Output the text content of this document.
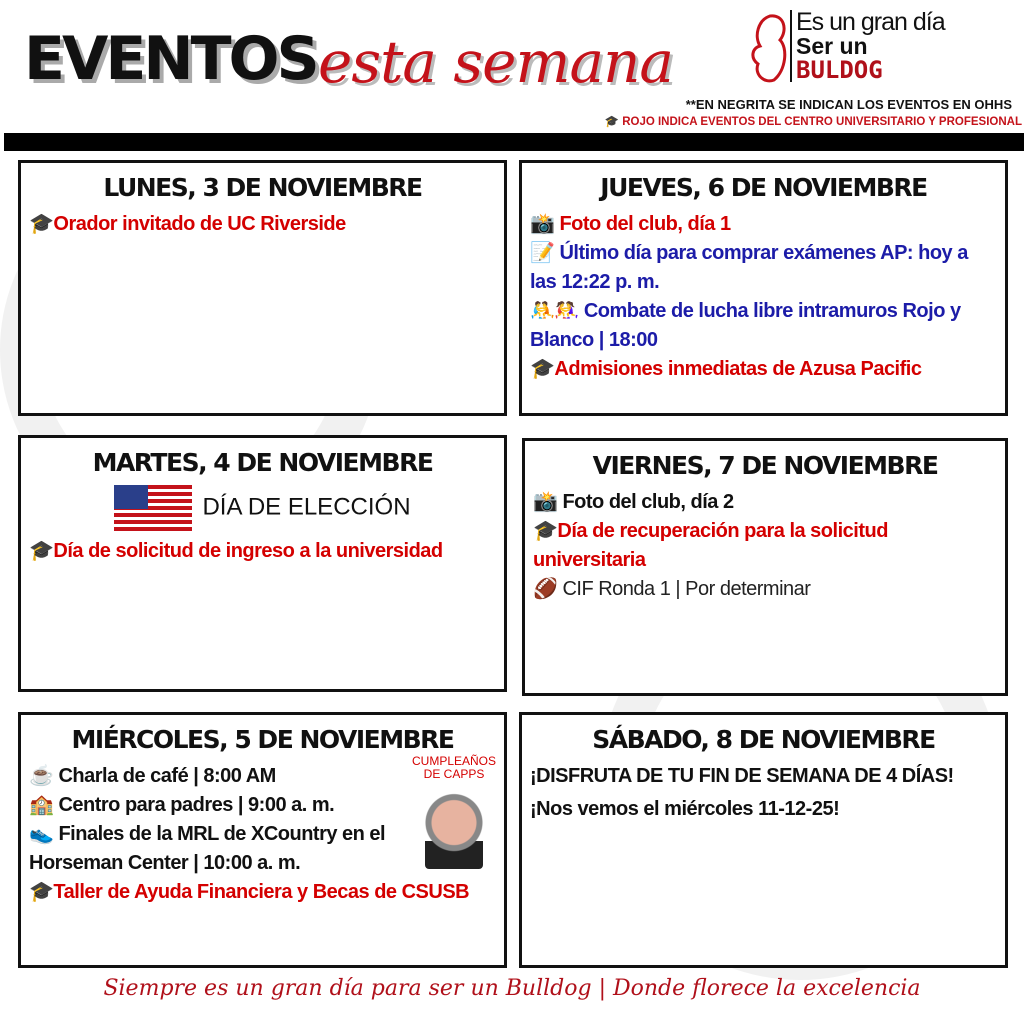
EVENTOS esta semana
Es un gran día
Ser un
BULDOG
**EN NEGRITA SE INDICAN LOS EVENTOS EN OHHS
🎓 ROJO INDICA EVENTOS DEL CENTRO UNIVERSITARIO Y PROFESIONAL
LUNES, 3 DE NOVIEMBRE
🎓Orador invitado de UC Riverside
JUEVES, 6 DE NOVIEMBRE
📸 Foto del club, día 1
📝 Último día para comprar exámenes AP: hoy a las 12:22 p. m.
🤼🤼‍♀️ Combate de lucha libre intramuros Rojo y Blanco | 18:00
🎓Admisiones inmediatas de Azusa Pacific
MARTES, 4 DE NOVIEMBRE
DÍA DE ELECCIÓN
🎓Día de solicitud de ingreso a la universidad
VIERNES, 7 DE NOVIEMBRE
📸 Foto del club, día 2
🎓Día de recuperación para la solicitud universitaria
🏈 CIF Ronda 1 | Por determinar
MIÉRCOLES, 5 DE NOVIEMBRE
CUMPLEAÑOS DE CAPPS
☕ Charla de café | 8:00 AM
🏫 Centro para padres | 9:00 a. m.
👟 Finales de la MRL de XCountry en el Horseman Center | 10:00 a. m.
🎓Taller de Ayuda Financiera y Becas de CSUSB
SÁBADO, 8 DE NOVIEMBRE
¡DISFRUTA DE TU FIN DE SEMANA DE 4 DÍAS!
¡Nos vemos el miércoles 11-12-25!
Siempre es un gran día para ser un Bulldog | Donde florece la excelencia
